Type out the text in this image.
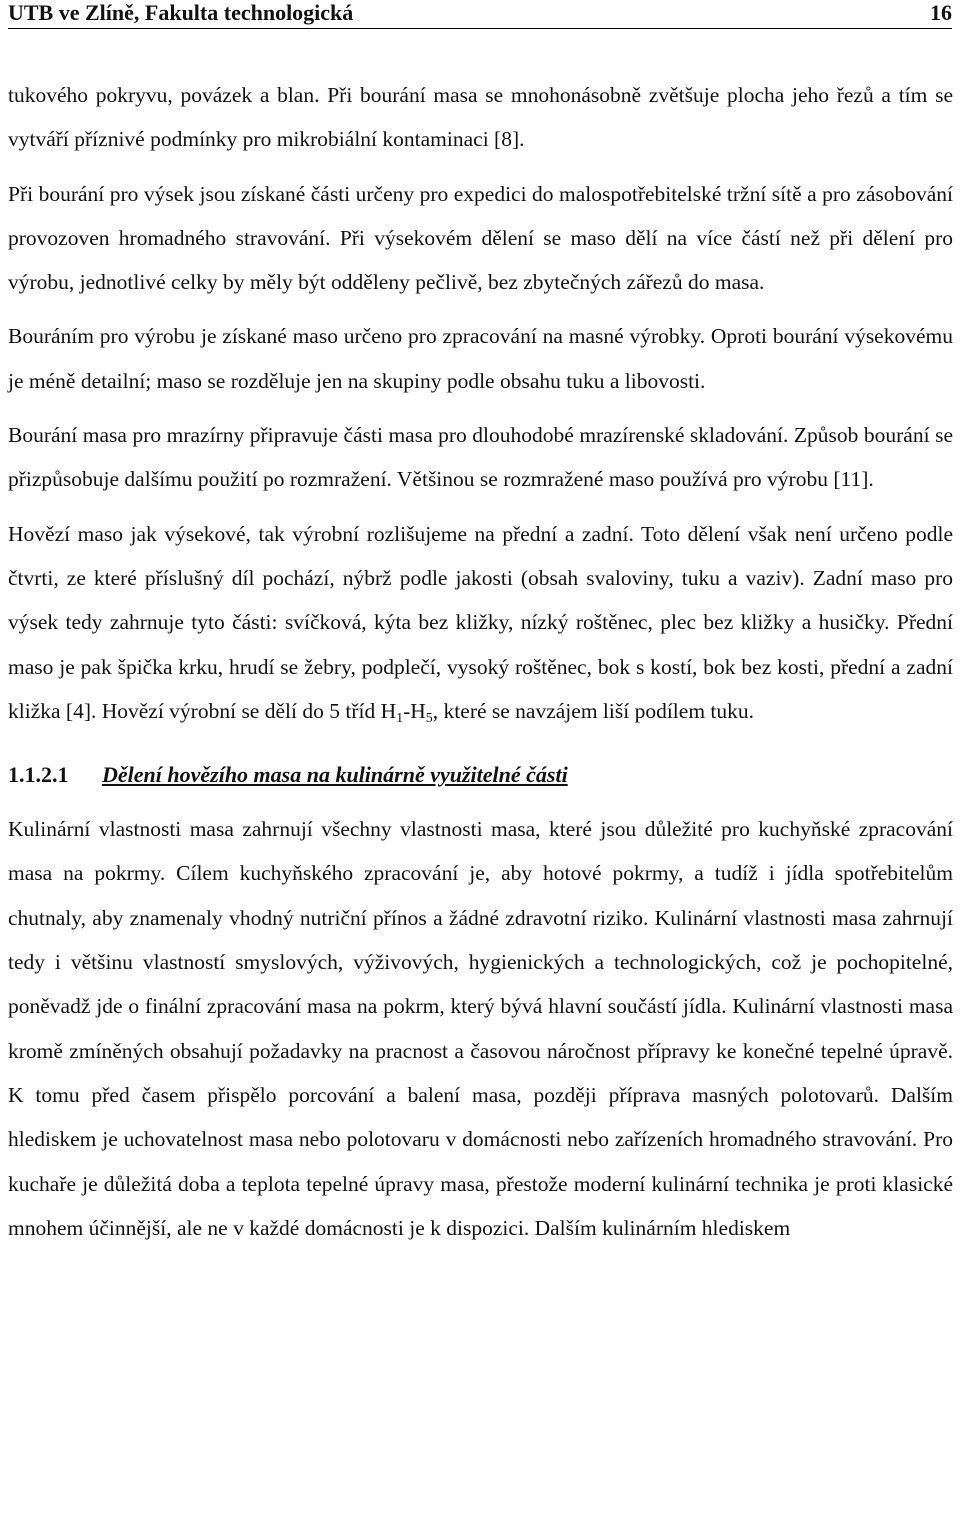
UTB ve Zlíně, Fakulta technologická	16

tukového pokryvu, povázek a blan. Při bourání masa se mnohonásobně zvětšuje plocha jeho řezů a tím se vytváří příznivé podmínky pro mikrobiální kontaminaci [8].

Při bourání pro výsek jsou získané části určeny pro expedici do malospotřebitelské tržní sítě a pro zásobování provozoven hromadného stravování. Při výsekovém dělení se maso dělí na více částí než při dělení pro výrobu, jednotlivé celky by měly být odděleny pečlivě, bez zbytečných zářezů do masa.

Bouráním pro výrobu je získané maso určeno pro zpracování na masné výrobky. Oproti bourání výsekovému je méně detailní; maso se rozděluje jen na skupiny podle obsahu tuku a libovosti.

Bourání masa pro mrazírny připravuje části masa pro dlouhodobé mrazírenské skladování. Způsob bourání se přizpůsobuje dalšímu použití po rozmražení. Většinou se rozmražené maso používá pro výrobu [11].

Hovězí maso jak výsekové, tak výrobní rozlišujeme na přední a zadní. Toto dělení však není určeno podle čtvrti, ze které příslušný díl pochází, nýbrž podle jakosti (obsah svaloviny, tuku a vaziv). Zadní maso pro výsek tedy zahrnuje tyto části: svíčková, kýta bez kližky, nízký roštěnec, plec bez kližky a husičky. Přední maso je pak špička krku, hrudí se žebry, podplečí, vysoký roštěnec, bok s kostí, bok bez kosti, přední a zadní kližka [4]. Hovězí výrobní se dělí do 5 tříd $H_1-H_5$, které se navzájem liší podílem tuku.

1.1.2.1 Dělení hovězího masa na kulinárně využitelné části

Kulinární vlastnosti masa zahrnují všechny vlastnosti masa, které jsou důležité pro kuchyňské zpracování masa na pokrmy. Cílem kuchyňského zpracování je, aby hotové pokrmy, a tudíž i jídla spotřebitelům chutnaly, aby znamenaly vhodný nutriční přínos a žádné zdravotní riziko. Kulinární vlastnosti masa zahrnují tedy i většinu vlastností smyslových, výživových, hygienických a technologických, což je pochopitelné, poněvadž jde o finální zpracování masa na pokrm, který bývá hlavní součástí jídla. Kulinární vlastnosti masa kromě zmíněných obsahují požadavky na pracnost a časovou náročnost přípravy ke konečné tepelné úpravě. K tomu před časem přispělo porcování a balení masa, později příprava masných polotovarů. Dalším hlediskem je uchovatelnost masa nebo polotovaru v domácnosti nebo zařízeních hromadného stravování. Pro kuchaře je důležitá doba a teplota tepelné úpravy masa, přestože moderní kulinární technika je proti klasické mnohem účinnější, ale ne v každé domácnosti je k dispozici. Dalším kulinárním hlediskem
